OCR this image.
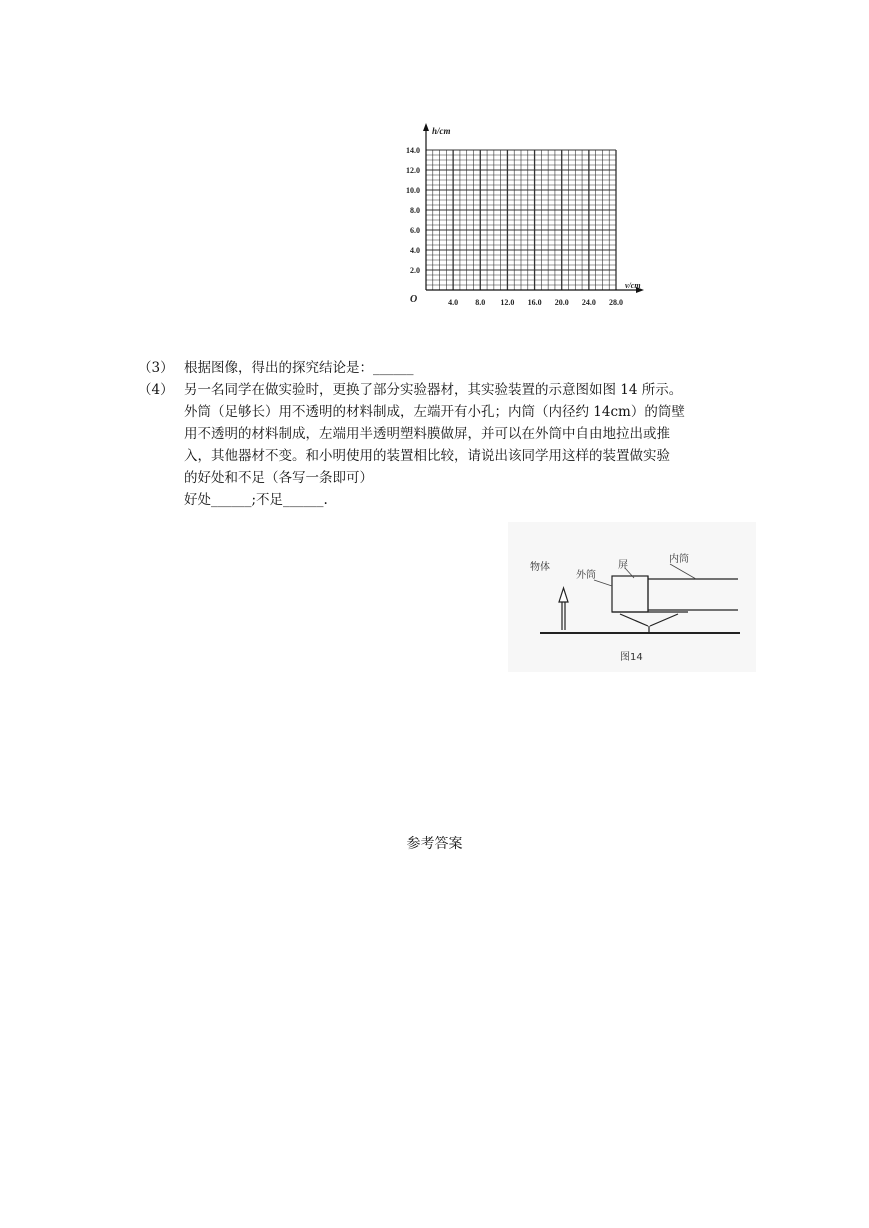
h/cm
v/cm
O
14.0
12.0
10.0
8.0
6.0
4.0
2.0
4.0 8.0 12.0 16.0 20.0 24.0 28.0
（3） 根据图像，得出的探究结论是：______
（4） 另一名同学在做实验时，更换了部分实验器材，其实验装置的示意图如图 14 所示。
外筒（足够长）用不透明的材料制成，左端开有小孔；内筒（内径约 14cm）的筒壁
用不透明的材料制成，左端用半透明塑料膜做屏，并可以在外筒中自由地拉出或推
入，其他器材不变。和小明使用的装置相比较，请说出该同学用这样的装置做实验
的好处和不足（各写一条即可）
好处______;不足______.
物体
外筒
屏
内筒
图14
参考答案
